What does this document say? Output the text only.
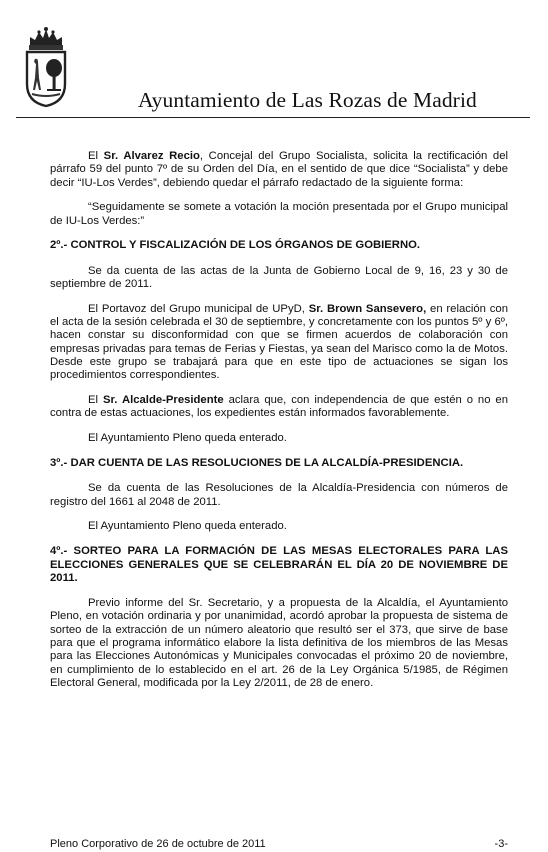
Ayuntamiento de Las Rozas de Madrid

El Sr. Alvarez Recio, Concejal del Grupo Socialista, solicita la rectificación del párrafo 59 del punto 7º de su Orden del Día, en el sentido de que dice “Socialista” y debe decir “IU-Los Verdes”, debiendo quedar el párrafo redactado de la siguiente forma:

“Seguidamente se somete a votación la moción presentada por el Grupo municipal de IU-Los Verdes:”

2º.- CONTROL Y FISCALIZACIÓN DE LOS ÓRGANOS DE GOBIERNO.

Se da cuenta de las actas de la Junta de Gobierno Local de 9, 16, 23 y 30 de septiembre de 2011.

El Portavoz del Grupo municipal de UPyD, Sr. Brown Sansevero, en relación con el acta de la sesión celebrada el 30 de septiembre, y concretamente con los puntos 5º y 6º, hacen constar su disconformidad con que se firmen acuerdos de colaboración con empresas privadas para temas de Ferias y Fiestas, ya sean del Marisco como la de Motos. Desde este grupo se trabajará para que en este tipo de actuaciones se sigan los procedimientos correspondientes.

El Sr. Alcalde-Presidente aclara que, con independencia de que estén o no en contra de estas actuaciones, los expedientes están informados favorablemente.

El Ayuntamiento Pleno queda enterado.

3º.- DAR CUENTA DE LAS RESOLUCIONES DE LA ALCALDÍA-PRESIDENCIA.

Se da cuenta de las Resoluciones de la Alcaldía-Presidencia con números de registro del 1661 al 2048 de 2011.

El Ayuntamiento Pleno queda enterado.

4º.- SORTEO PARA LA FORMACIÓN DE LAS MESAS ELECTORALES PARA LAS ELECCIONES GENERALES QUE SE CELEBRARÁN EL DÍA 20 DE NOVIEMBRE DE 2011.

Previo informe del Sr. Secretario, y a propuesta de la Alcaldía, el Ayuntamiento Pleno, en votación ordinaria y por unanimidad, acordó aprobar la propuesta de sistema de sorteo de la extracción de un número aleatorio que resultó ser el 373, que sirve de base para que el programa informático elabore la lista definitiva de los miembros de las Mesas para las Elecciones Autonómicas y Municipales convocadas el próximo 20 de noviembre, en cumplimiento de lo establecido en el art. 26 de la Ley Orgánica 5/1985, de Régimen Electoral General, modificada por la Ley 2/2011, de 28 de enero.

Pleno Corporativo de 26 de octubre de 2011	-3-
